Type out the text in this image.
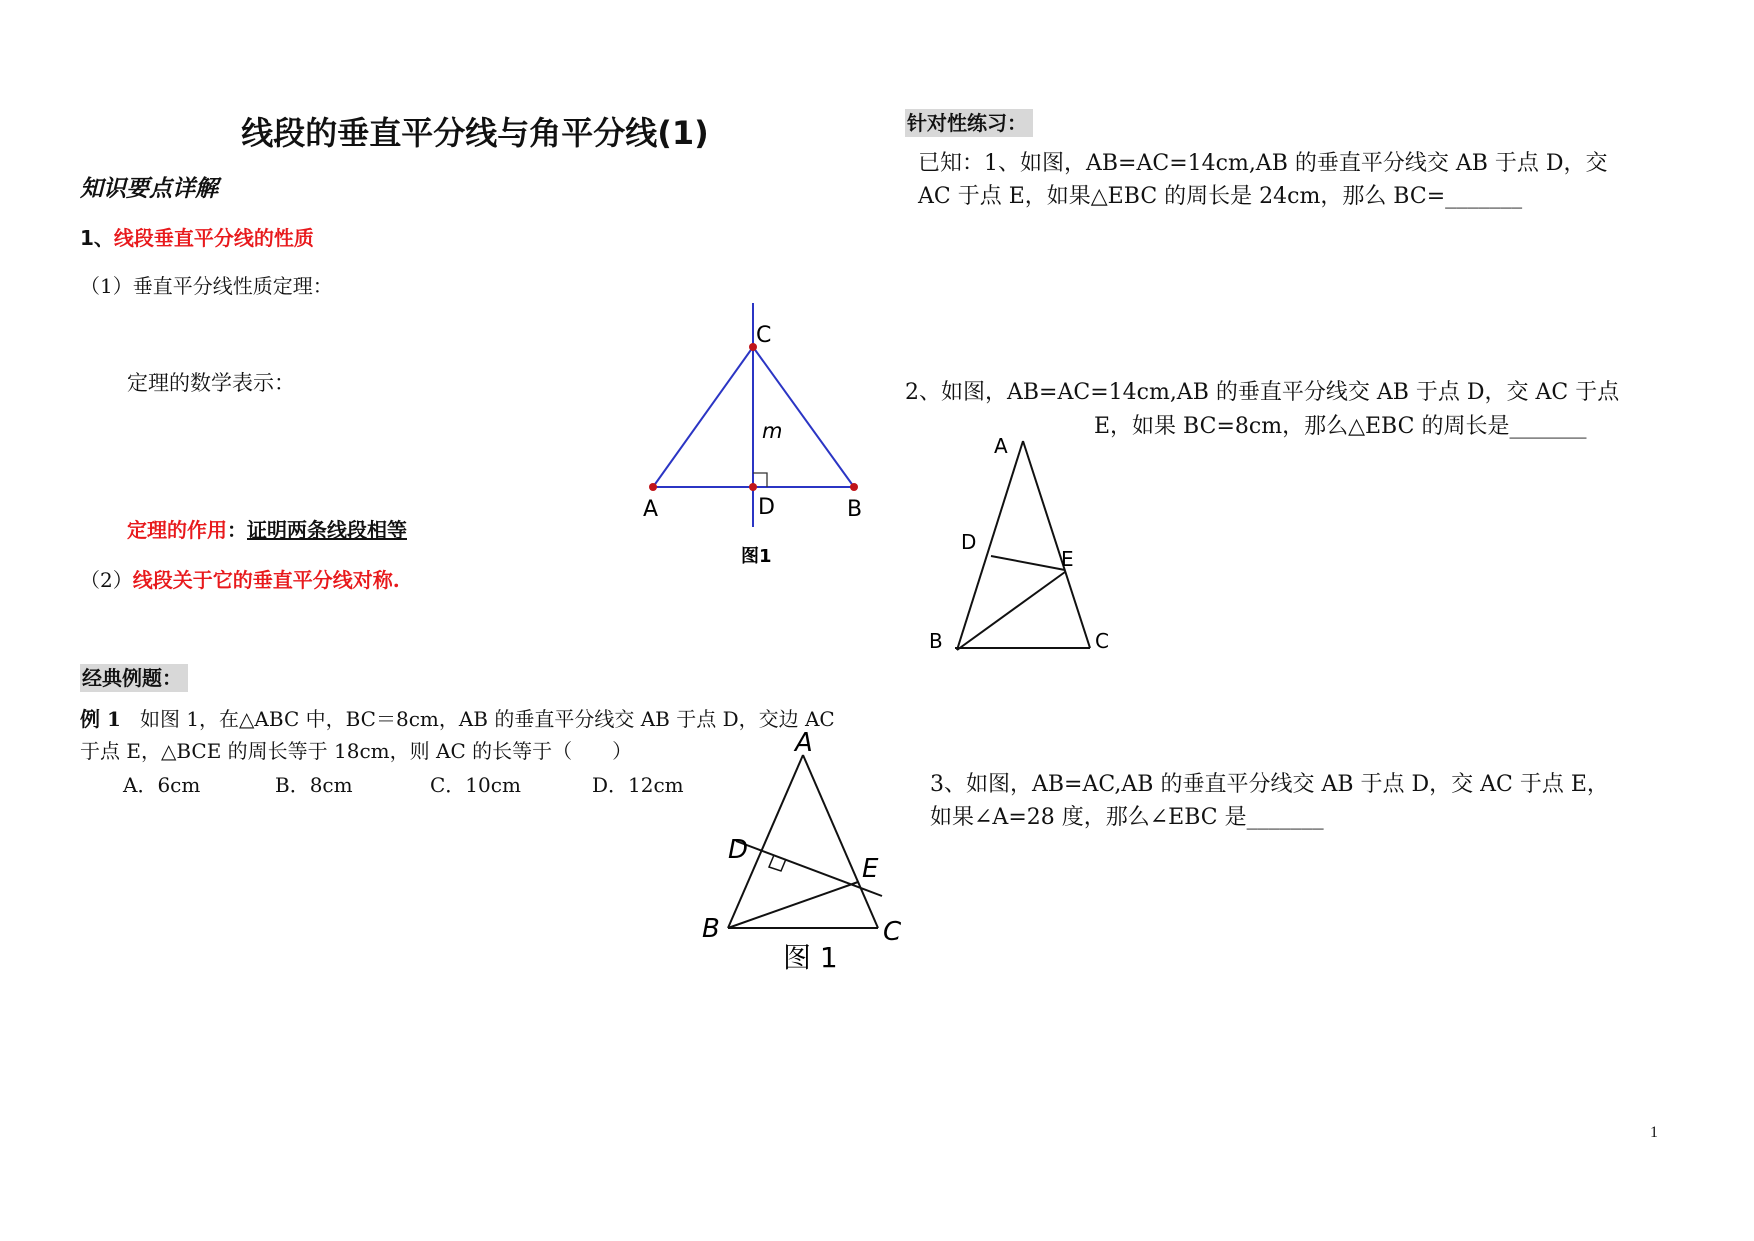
线段的垂直平分线与角平分线(1)
知识要点详解
1、线段垂直平分线的性质
（1）垂直平分线性质定理：
定理的数学表示：
定理的作用：证明两条线段相等
（2）线段关于它的垂直平分线对称.
C
A	D	B
m
图1
经典例题：
例 1 如图 1，在△ABC 中，BC＝8cm，AB 的垂直平分线交 AB 于点 D，交边 AC
于点 E，△BCE 的周长等于 18cm，则 AC 的长等于（　　）
A．6cm	B．8cm	C．10cm	D．12cm
A
D
E
B	C
图 1
针对性练习：
已知：1、如图，AB=AC=14cm,AB 的垂直平分线交 AB 于点 D，交
AC 于点 E，如果△EBC 的周长是 24cm，那么 BC=_______
2、如图，AB=AC=14cm,AB 的垂直平分线交 AB 于点 D，交 AC 于点
E，如果 BC=8cm，那么△EBC 的周长是_______
A
D
E
B	C
3、如图，AB=AC,AB 的垂直平分线交 AB 于点 D，交 AC 于点 E，
如果∠A=28 度，那么∠EBC 是_______
1
